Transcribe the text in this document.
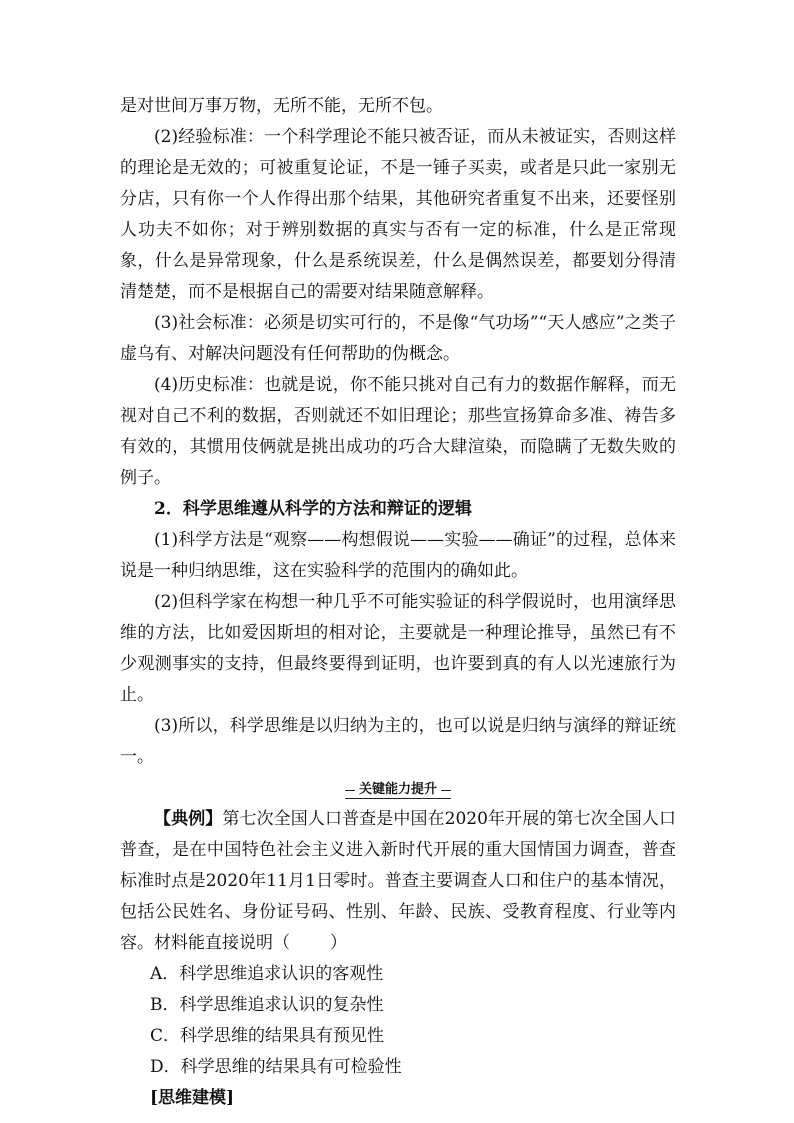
是对世间万事万物，无所不能，无所不包。

(2)经验标准：一个科学理论不能只被否证，而从未被证实，否则这样的理论是无效的；可被重复论证，不是一锤子买卖，或者是只此一家别无分店，只有你一个人作得出那个结果，其他研究者重复不出来，还要怪别人功夫不如你；对于辨别数据的真实与否有一定的标准，什么是正常现象，什么是异常现象，什么是系统误差，什么是偶然误差，都要划分得清清楚楚，而不是根据自己的需要对结果随意解释。

(3)社会标准：必须是切实可行的，不是像“气功场”“天人感应”之类子虚乌有、对解决问题没有任何帮助的伪概念。

(4)历史标准：也就是说，你不能只挑对自己有力的数据作解释，而无视对自己不利的数据，否则就还不如旧理论；那些宣扬算命多准、祷告多有效的，其惯用伎俩就是挑出成功的巧合大肆渲染，而隐瞒了无数失败的例子。

2．科学思维遵从科学的方法和辩证的逻辑

(1)科学方法是“观察——构想假说——实验——确证”的过程，总体来说是一种归纳思维，这在实验科学的范围内的确如此。

(2)但科学家在构想一种几乎不可能实验证的科学假说时，也用演绎思维的方法，比如爱因斯坦的相对论，主要就是一种理论推导，虽然已有不少观测事实的支持，但最终要得到证明，也许要到真的有人以光速旅行为止。

(3)所以，科学思维是以归纳为主的，也可以说是归纳与演绎的辩证统一。

关键能力提升

【典例】第七次全国人口普查是中国在2020年开展的第七次全国人口普查，是在中国特色社会主义进入新时代开展的重大国情国力调查，普查标准时点是2020年11月1日零时。普查主要调查人口和住户的基本情况，包括公民姓名、身份证号码、性别、年龄、民族、受教育程度、行业等内容。材料能直接说明（ ）

A．科学思维追求认识的客观性

B．科学思维追求认识的复杂性

C．科学思维的结果具有预见性

D．科学思维的结果具有可检验性

[思维建模]
